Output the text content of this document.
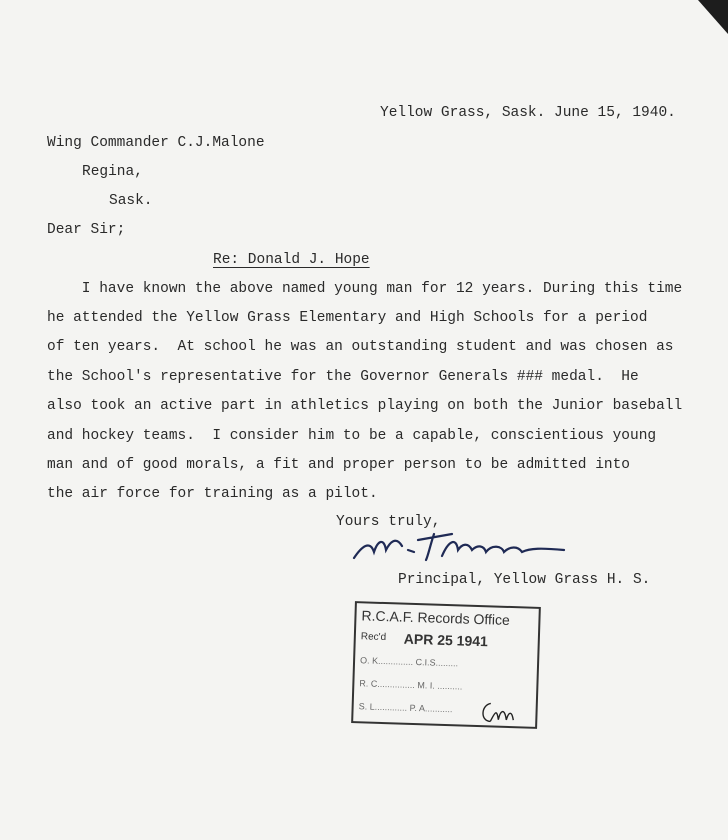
Yellow Grass, Sask. June 15, 1940.
Wing Commander C.J.Malone
Regina,
Sask.
Dear Sir;
Re: Donald J. Hope
I have known the above named young man for 12 years. During this time
he attended the Yellow Grass Elementary and High Schools for a period
of ten years.  At school he was an outstanding student and was chosen as
the School's representative for the Governor Generals ### medal.  He
also took an active part in athletics playing on both the Junior baseball
and hockey teams.  I consider him to be a capable, conscientious young
man and of good morals, a fit and proper person to be admitted into
the air force for training as a pilot.
Yours truly,
Principal, Yellow Grass H. S.
R.C.A.F. Records Office
Rec'd APR 25 1941
O. K.............. C.I.S.........
R. C............... M. I. ..........
S. L............. P. A...........
